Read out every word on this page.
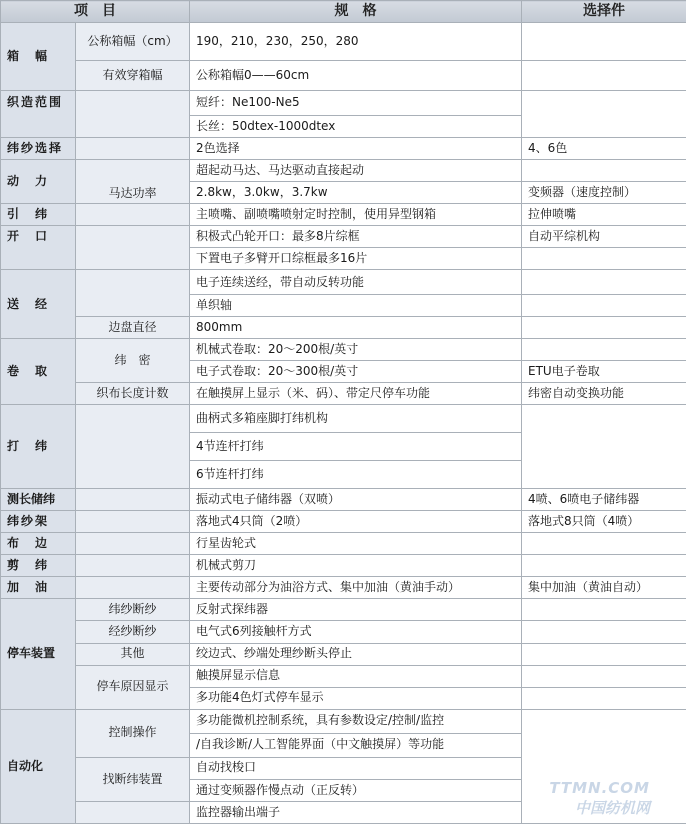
项　目		规　格	选择件
箱　幅	公称箱幅（cm）	190，210，230，250，280	
	有效穿箱幅	公称箱幅0——60cm	
织造范围		短纤：Ne100-Ne5	
		长丝：50dtex-1000dtex	
纬纱选择		2色选择	4、6色
动　力	马达功率	超起动马达、马达驱动直接起动	
		2.8kw，3.0kw，3.7kw	变频器（速度控制）
引　纬		主喷嘴、副喷嘴喷射定时控制，使用异型钢箱	拉伸喷嘴
开　口		积极式凸轮开口：最多8片综框	自动平综机构
		下置电子多臂开口综框最多16片	
送　经		电子连续送经，带自动反转功能	
		单织轴	
	边盘直径	800mm	
卷　取	纬　密	机械式卷取：20～200根/英寸	
		电子式卷取：20～300根/英寸	ETU电子卷取
	织布长度计数	在触摸屏上显示（米、码）、带定尺停车功能	纬密自动变换功能
打　纬		曲柄式多箱座脚打纬机构	
		4节连杆打纬	
		6节连杆打纬	
测长储纬		振动式电子储纬器（双喷）	4喷、6喷电子储纬器
纬纱架		落地式4只筒（2喷）	落地式8只筒（4喷）
布　边		行星齿轮式	
剪　纬		机械式剪刀	
加　油		主要传动部分为油浴方式、集中加油（黄油手动）	集中加油（黄油自动）
停车装置	纬纱断纱	反射式探纬器	
	经纱断纱	电气式6列接触杆方式	
	其他	绞边式、纱端处理纱断头停止	
	停车原因显示	触摸屏显示信息	
		多功能4色灯式停车显示	
自动化	控制操作	多功能微机控制系统，具有参数设定/控制/监控	
		/自我诊断/人工智能界面（中文触摸屏）等功能	
	找断纬装置	自动找梭口	
		通过变频器作慢点动（正反转）	
		监控器输出端子	
TTMN.COM
中国纺机网
